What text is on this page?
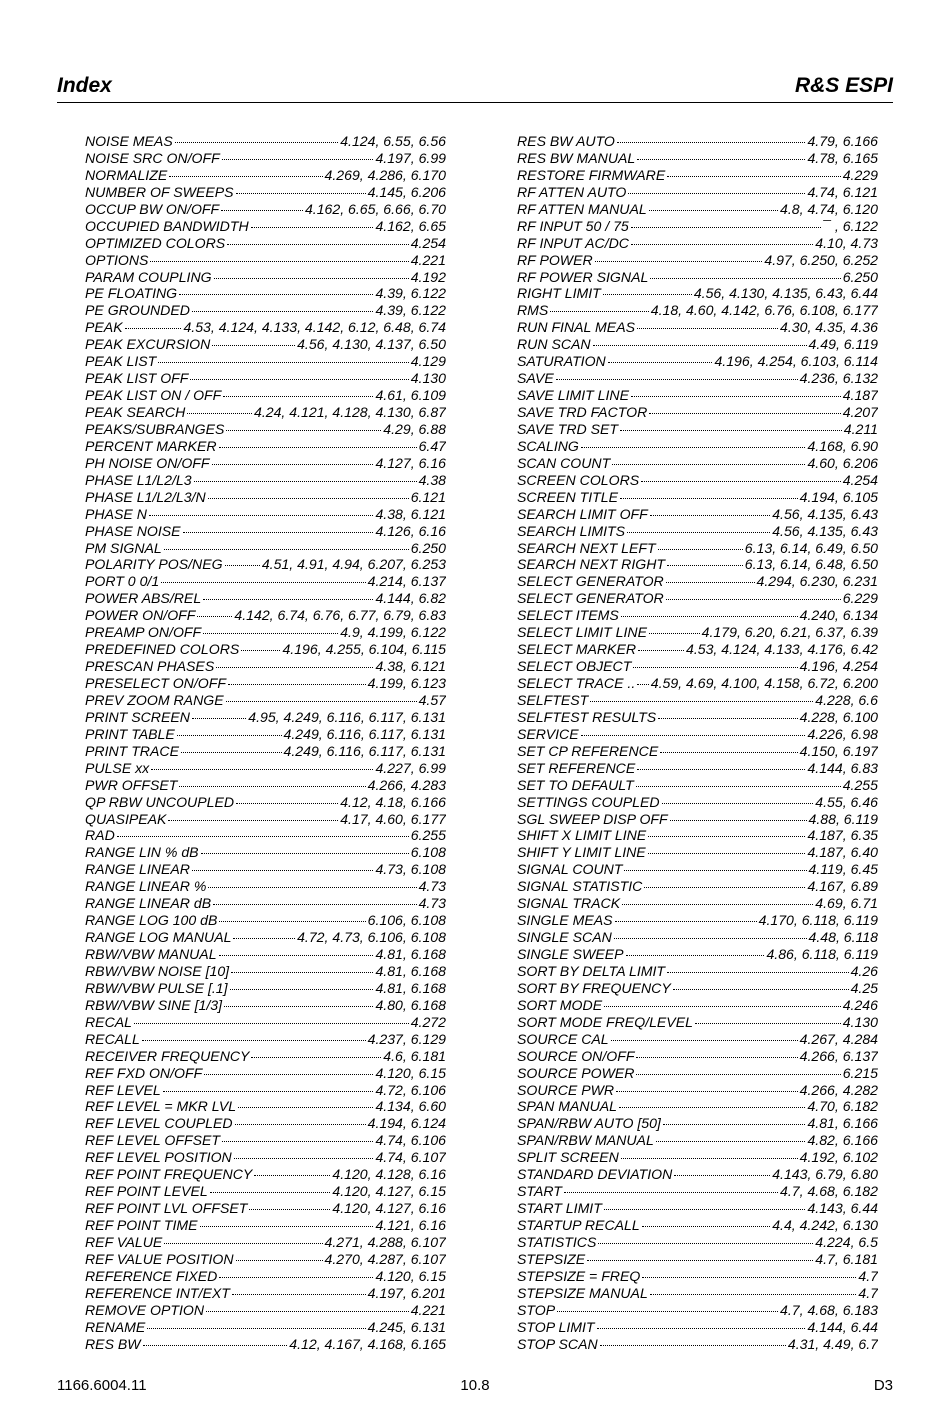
Index	R&S ESPI
NOISE MEAS	4.124, 6.55, 6.56
NOISE SRC ON/OFF	4.197, 6.99
NORMALIZE	4.269, 4.286, 6.170
NUMBER OF SWEEPS	4.145, 6.206
OCCUP BW ON/OFF	4.162, 6.65, 6.66, 6.70
OCCUPIED BANDWIDTH	4.162, 6.65
OPTIMIZED COLORS	4.254
OPTIONS	4.221
PARAM COUPLING	4.192
PE FLOATING	4.39, 6.122
PE GROUNDED	4.39, 6.122
PEAK	4.53, 4.124, 4.133, 4.142, 6.12, 6.48, 6.74
PEAK EXCURSION	4.56, 4.130, 4.137, 6.50
PEAK LIST	4.129
PEAK LIST OFF	4.130
PEAK LIST ON / OFF	4.61, 6.109
PEAK SEARCH	4.24, 4.121, 4.128, 4.130, 6.87
PEAKS/SUBRANGES	4.29, 6.88
PERCENT MARKER	6.47
PH NOISE ON/OFF	4.127, 6.16
PHASE L1/L2/L3	4.38
PHASE L1/L2/L3/N	6.121
PHASE N	4.38, 6.121
PHASE NOISE	4.126, 6.16
PM SIGNAL	6.250
POLARITY POS/NEG	4.51, 4.91, 4.94, 6.207, 6.253
PORT 0 0/1	4.214, 6.137
POWER ABS/REL	4.144, 6.82
POWER ON/OFF	4.142, 6.74, 6.76, 6.77, 6.79, 6.83
PREAMP ON/OFF	4.9, 4.199, 6.122
PREDEFINED COLORS	4.196, 4.255, 6.104, 6.115
PRESCAN PHASES	4.38, 6.121
PRESELECT ON/OFF	4.199, 6.123
PREV ZOOM RANGE	4.57
PRINT SCREEN	4.95, 4.249, 6.116, 6.117, 6.131
PRINT TABLE	4.249, 6.116, 6.117, 6.131
PRINT TRACE	4.249, 6.116, 6.117, 6.131
PULSE xx	4.227, 6.99
PWR OFFSET	4.266, 4.283
QP RBW UNCOUPLED	4.12, 4.18, 6.166
QUASIPEAK	4.17, 4.60, 6.177
RAD	6.255
RANGE LIN % dB	6.108
RANGE LINEAR	4.73, 6.108
RANGE LINEAR %	4.73
RANGE LINEAR dB	4.73
RANGE LOG 100 dB	6.106, 6.108
RANGE LOG MANUAL	4.72, 4.73, 6.106, 6.108
RBW/VBW MANUAL	4.81, 6.168
RBW/VBW NOISE [10]	4.81, 6.168
RBW/VBW PULSE [.1]	4.81, 6.168
RBW/VBW SINE [1/3]	4.80, 6.168
RECAL	4.272
RECALL	4.237, 6.129
RECEIVER FREQUENCY	4.6, 6.181
REF FXD ON/OFF	4.120, 6.15
REF LEVEL	4.72, 6.106
REF LEVEL = MKR LVL	4.134, 6.60
REF LEVEL COUPLED	4.194, 6.124
REF LEVEL OFFSET	4.74, 6.106
REF LEVEL POSITION	4.74, 6.107
REF POINT FREQUENCY	4.120, 4.128, 6.16
REF POINT LEVEL	4.120, 4.127, 6.15
REF POINT LVL OFFSET	4.120, 4.127, 6.16
REF POINT TIME	4.121, 6.16
REF VALUE	4.271, 4.288, 6.107
REF VALUE POSITION	4.270, 4.287, 6.107
REFERENCE FIXED	4.120, 6.15
REFERENCE INT/EXT	4.197, 6.201
REMOVE OPTION	4.221
RENAME	4.245, 6.131
RES BW	4.12, 4.167, 4.168, 6.165
RES BW AUTO	4.79, 6.166
RES BW MANUAL	4.78, 6.165
RESTORE FIRMWARE	4.229
RF ATTEN AUTO	4.74, 6.121
RF ATTEN MANUAL	4.8, 4.74, 6.120
RF INPUT 50 / 75	¯ , 6.122
RF INPUT AC/DC	4.10, 4.73
RF POWER	4.97, 6.250, 6.252
RF POWER SIGNAL	6.250
RIGHT LIMIT	4.56, 4.130, 4.135, 6.43, 6.44
RMS	4.18, 4.60, 4.142, 6.76, 6.108, 6.177
RUN FINAL MEAS	4.30, 4.35, 4.36
RUN SCAN	4.49, 6.119
SATURATION	4.196, 4.254, 6.103, 6.114
SAVE	4.236, 6.132
SAVE LIMIT LINE	4.187
SAVE TRD FACTOR	4.207
SAVE TRD SET	4.211
SCALING	4.168, 6.90
SCAN COUNT	4.60, 6.206
SCREEN COLORS	4.254
SCREEN TITLE	4.194, 6.105
SEARCH LIMIT OFF	4.56, 4.135, 6.43
SEARCH LIMITS	4.56, 4.135, 6.43
SEARCH NEXT LEFT	6.13, 6.14, 6.49, 6.50
SEARCH NEXT RIGHT	6.13, 6.14, 6.48, 6.50
SELECT GENERATOR	4.294, 6.230, 6.231
SELECT GENERATOR	6.229
SELECT ITEMS	4.240, 6.134
SELECT LIMIT LINE	4.179, 6.20, 6.21, 6.37, 6.39
SELECT MARKER	4.53, 4.124, 4.133, 4.176, 6.42
SELECT OBJECT	4.196, 4.254
SELECT TRACE .. 4.59, 4.69, 4.100, 4.158, 6.72, 6.200
SELFTEST	4.228, 6.6
SELFTEST RESULTS	4.228, 6.100
SERVICE	4.226, 6.98
SET CP REFERENCE	4.150, 6.197
SET REFERENCE	4.144, 6.83
SET TO DEFAULT	4.255
SETTINGS COUPLED	4.55, 6.46
SGL SWEEP DISP OFF	4.88, 6.119
SHIFT X LIMIT LINE	4.187, 6.35
SHIFT Y LIMIT LINE	4.187, 6.40
SIGNAL COUNT	4.119, 6.45
SIGNAL STATISTIC	4.167, 6.89
SIGNAL TRACK	4.69, 6.71
SINGLE MEAS	4.170, 6.118, 6.119
SINGLE SCAN	4.48, 6.118
SINGLE SWEEP	4.86, 6.118, 6.119
SORT BY DELTA LIMIT	4.26
SORT BY FREQUENCY	4.25
SORT MODE	4.246
SORT MODE FREQ/LEVEL	4.130
SOURCE CAL	4.267, 4.284
SOURCE ON/OFF	4.266, 6.137
SOURCE POWER	6.215
SOURCE PWR	4.266, 4.282
SPAN MANUAL	4.70, 6.182
SPAN/RBW AUTO [50]	4.81, 6.166
SPAN/RBW MANUAL	4.82, 6.166
SPLIT SCREEN	4.192, 6.102
STANDARD DEVIATION	4.143, 6.79, 6.80
START	4.7, 4.68, 6.182
START LIMIT	4.143, 6.44
STARTUP RECALL	4.4, 4.242, 6.130
STATISTICS	4.224, 6.5
STEPSIZE	4.7, 6.181
STEPSIZE = FREQ	4.7
STEPSIZE MANUAL	4.7
STOP	4.7, 4.68, 6.183
STOP LIMIT	4.144, 6.44
STOP SCAN	4.31, 4.49, 6.7
1166.6004.11	10.8	D3
